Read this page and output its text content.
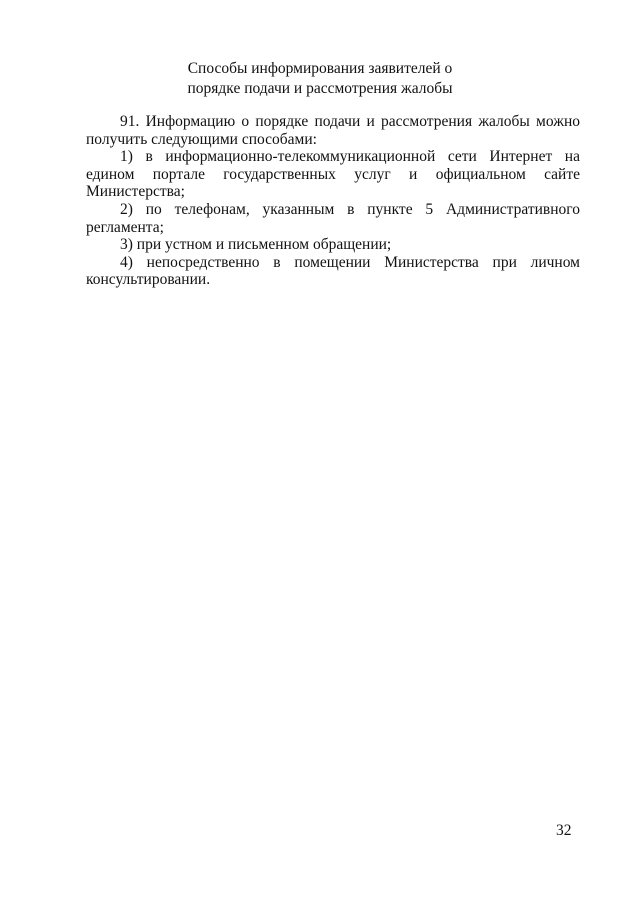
Способы информирования заявителей о
порядке подачи и рассмотрения жалобы

91. Информацию о порядке подачи и рассмотрения жалобы можно получить следующими способами:

1) в информационно-телекоммуникационной сети Интернет на едином портале государственных услуг и официальном сайте Министерства;

2) по телефонам, указанным в пункте 5 Административного регламента;

3) при устном и письменном обращении;

4) непосредственно в помещении Министерства при личном консультировании.

32
